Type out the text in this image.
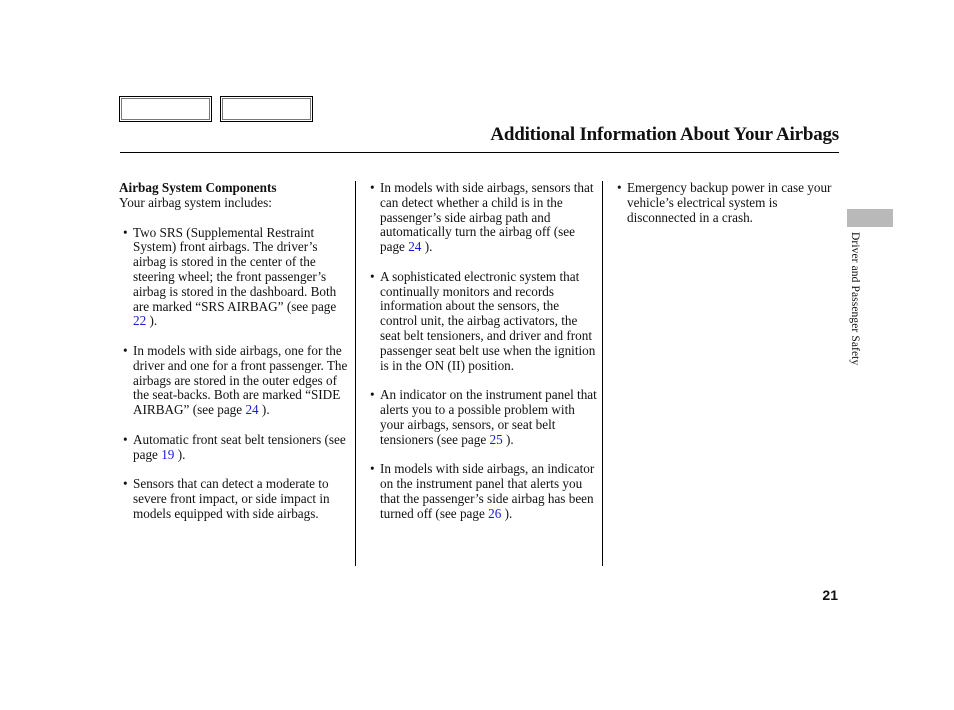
Additional Information About Your Airbags
Airbag System Components
Your airbag system includes:
• Two SRS (Supplemental Restraint System) front airbags. The driver’s airbag is stored in the center of the steering wheel; the front passenger’s airbag is stored in the dashboard. Both are marked “SRS AIRBAG” (see page 22 ).
• In models with side airbags, one for the driver and one for a front passenger. The airbags are stored in the outer edges of the seat-backs. Both are marked “SIDE AIRBAG” (see page 24 ).
• Automatic front seat belt tensioners (see page 19 ).
• Sensors that can detect a moderate to severe front impact, or side impact in models equipped with side airbags.
• In models with side airbags, sensors that can detect whether a child is in the passenger’s side airbag path and automatically turn the airbag off (see page 24 ).
• A sophisticated electronic system that continually monitors and records information about the sensors, the control unit, the airbag activators, the seat belt tensioners, and driver and front passenger seat belt use when the ignition is in the ON (II) position.
• An indicator on the instrument panel that alerts you to a possible problem with your airbags, sensors, or seat belt tensioners (see page 25 ).
• In models with side airbags, an indicator on the instrument panel that alerts you that the passenger’s side airbag has been turned off (see page 26 ).
• Emergency backup power in case your vehicle’s electrical system is disconnected in a crash.
Driver and Passenger Safety
21
